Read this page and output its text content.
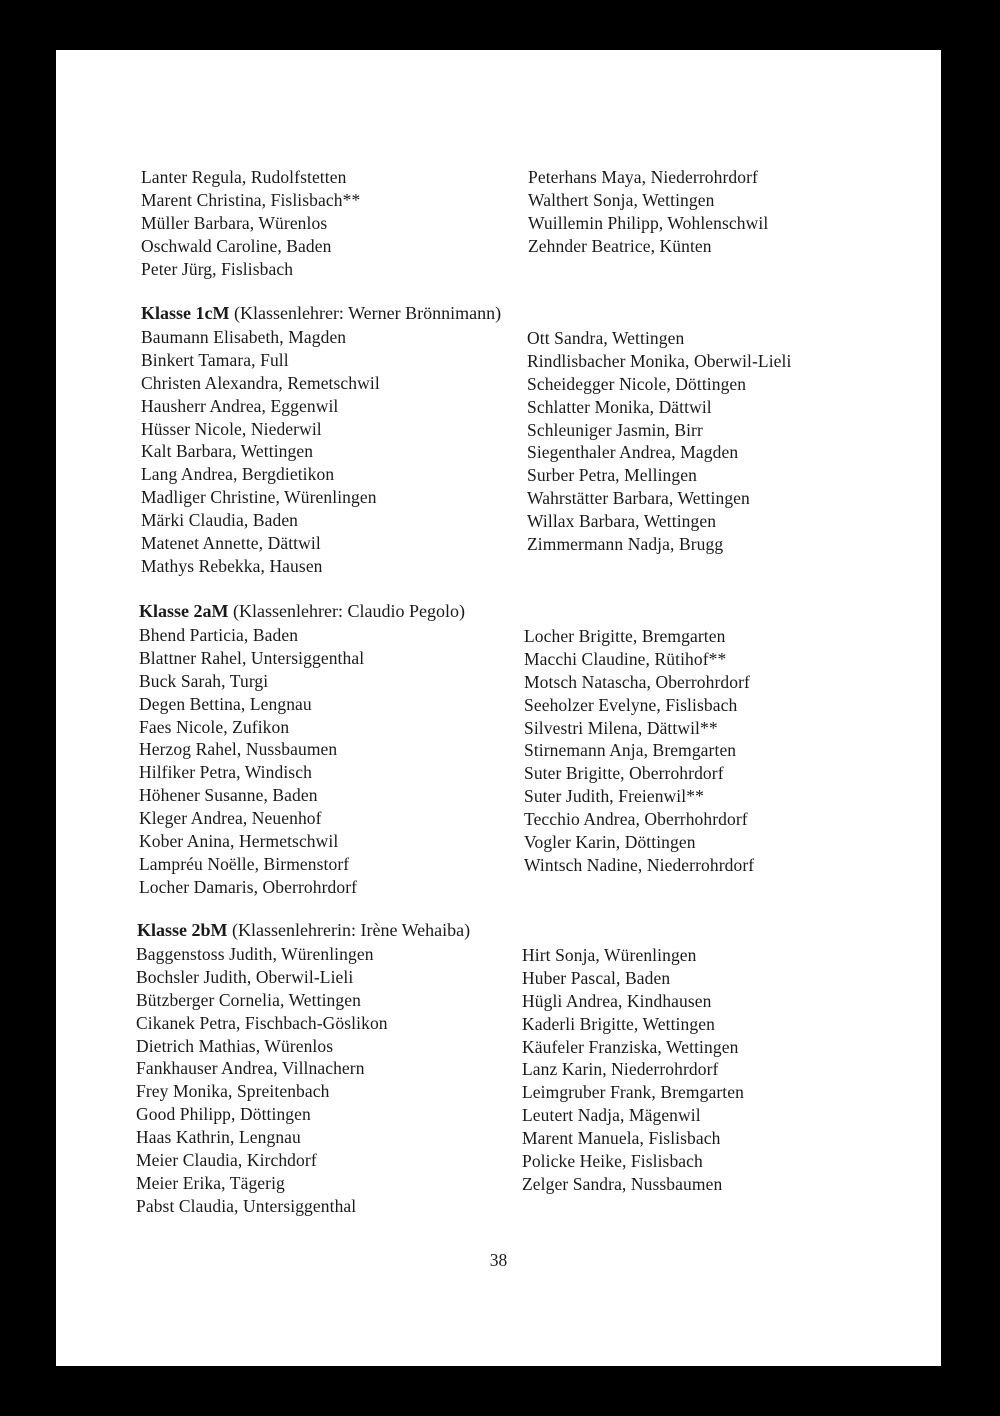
Lanter Regula, Rudolfstetten
Marent Christina, Fislisbach**
Müller Barbara, Würenlos
Oschwald Caroline, Baden
Peter Jürg, Fislisbach
Peterhans Maya, Niederrohrdorf
Walthert Sonja, Wettingen
Wuillemin Philipp, Wohlenschwil
Zehnder Beatrice, Künten
Klasse 1cM (Klassenlehrer: Werner Brönnimann)
Baumann Elisabeth, Magden
Binkert Tamara, Full
Christen Alexandra, Remetschwil
Hausherr Andrea, Eggenwil
Hüsser Nicole, Niederwil
Kalt Barbara, Wettingen
Lang Andrea, Bergdietikon
Madliger Christine, Würenlingen
Märki Claudia, Baden
Matenet Annette, Dättwil
Mathys Rebekka, Hausen
Ott Sandra, Wettingen
Rindlisbacher Monika, Oberwil-Lieli
Scheidegger Nicole, Döttingen
Schlatter Monika, Dättwil
Schleuniger Jasmin, Birr
Siegenthaler Andrea, Magden
Surber Petra, Mellingen
Wahrstätter Barbara, Wettingen
Willax Barbara, Wettingen
Zimmermann Nadja, Brugg
Klasse 2aM (Klassenlehrer: Claudio Pegolo)
Bhend Particia, Baden
Blattner Rahel, Untersiggenthal
Buck Sarah, Turgi
Degen Bettina, Lengnau
Faes Nicole, Zufikon
Herzog Rahel, Nussbaumen
Hilfiker Petra, Windisch
Höhener Susanne, Baden
Kleger Andrea, Neuenhof
Kober Anina, Hermetschwil
Lampréu Noëlle, Birmenstorf
Locher Damaris, Oberrohrdorf
Locher Brigitte, Bremgarten
Macchi Claudine, Rütihof**
Motsch Natascha, Oberrohrdorf
Seeholzer Evelyne, Fislisbach
Silvestri Milena, Dättwil**
Stirnemann Anja, Bremgarten
Suter Brigitte, Oberrohrdorf
Suter Judith, Freienwil**
Tecchio Andrea, Oberrhohrdorf
Vogler Karin, Döttingen
Wintsch Nadine, Niederrohrdorf
Klasse 2bM (Klassenlehrerin: Irène Wehaiba)
Baggenstoss Judith, Würenlingen
Bochsler Judith, Oberwil-Lieli
Bützberger Cornelia, Wettingen
Cikanek Petra, Fischbach-Göslikon
Dietrich Mathias, Würenlos
Fankhauser Andrea, Villnachern
Frey Monika, Spreitenbach
Good Philipp, Döttingen
Haas Kathrin, Lengnau
Meier Claudia, Kirchdorf
Meier Erika, Tägerig
Pabst Claudia, Untersiggenthal
Hirt Sonja, Würenlingen
Huber Pascal, Baden
Hügli Andrea, Kindhausen
Kaderli Brigitte, Wettingen
Käufeler Franziska, Wettingen
Lanz Karin, Niederrohrdorf
Leimgruber Frank, Bremgarten
Leutert Nadja, Mägenwil
Marent Manuela, Fislisbach
Policke Heike, Fislisbach
Zelger Sandra, Nussbaumen
38
